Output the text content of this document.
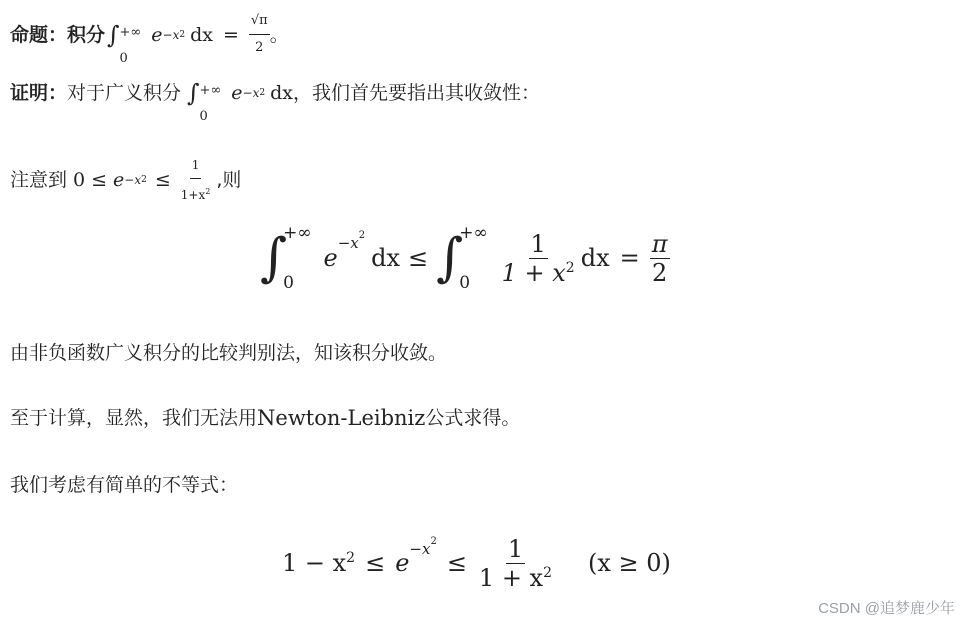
命题：积分 ∫ +∞
0
e −x 2 dx = $\frac{√\pi}{2}$ 。
证明： 对于广义积分 ∫ +∞
0
e −x 2 dx ，我们首先要指出其收敛性：
注意到 0 ≤ e −x $2 \le \frac{1}{1+x^2}$ ,则
∫
+∞
0
e
−x 2
dx ≤ ∫
+∞
0	$\frac{1}{1 + x^2}$ dx = $\frac{\pi}{2}$
由非负函数广义积分的比较判别法，知该积分收敛。
至于计算，显然，我们无法用 Newton-Leibniz 公式求得。
我们考虑有简单的不等式：
$1 - x^2 \le e -x$ 2
≤ $\frac{1}{1 + x^2} (x \ge 0)$
CSDN @追梦鹿少年
